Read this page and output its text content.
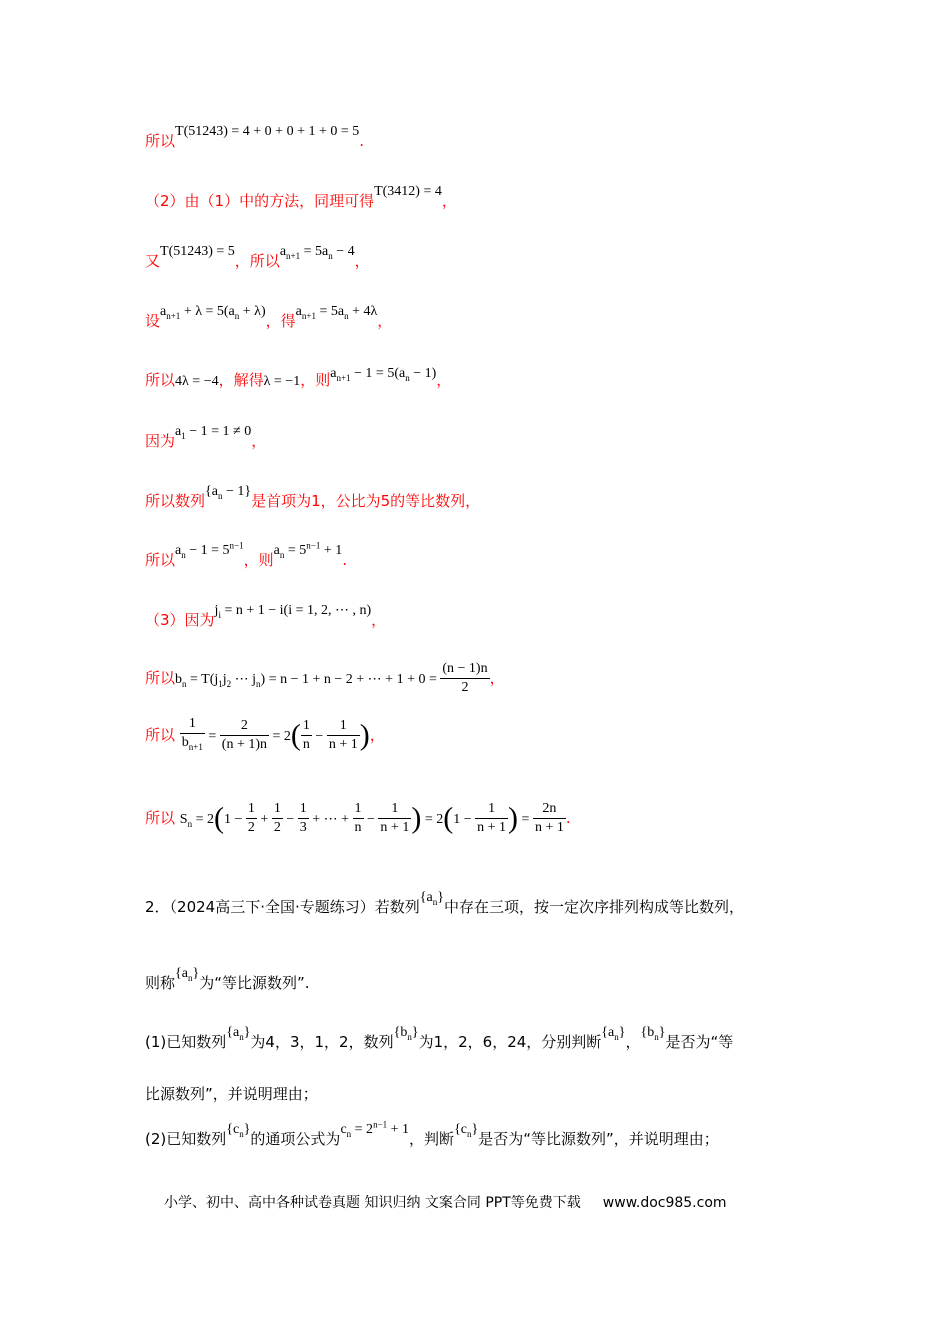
所以T(51243) = 4 + 0 + 0 + 1 + 0 = 5.
（2）由（1）中的方法，同理可得T(3412) = 4，
又T(51243) = 5，所以$a_{n+1} = 5a_n - 4$，
设$a_{n+1} + \lambda = 5(a_n + \lambda)$，得$a_{n+1} = 5a_n + 4\lambda$，
所以4λ = −4，解得λ = −1，则$a_{n+1} - 1 = 5(a_n - 1)$，
因为$a_1 - 1 = 1 \ne 0$，
所以数列$\{a_n - 1\}$是首项为1，公比为5的等比数列，
所以$a_n - 1 = 5^{n-1}$，则$a_n = 5^{n-1} + 1$.
（3）因为$j_i = n + 1 - i(i = 1$, 2, ⋯ , n)，
所以$b_n = T(j_1j_2$ ⋯ $j_n) = n - 1 + n - 2$ + ⋯ + $1 + 0 = \frac{(n - 1)n}{2}$ ，
所以 $\frac{1}{b_{n+1}} = \frac{2}{(n + 1)n} = 2( \frac{1}{n} - \frac{1}{n + 1}$ )，
所以 $S_n = 2(1 - \frac{1}{2} + \frac{1}{2} - \frac{1}{3}$ + ⋯ + $\frac{1}{n} - \frac{1}{n + 1}$ ) = $2(1 - \frac{1}{n + 1}$ ) = $\frac{2n}{n + 1}$ .
2．（2024高三下·全国·专题练习）若数列$\{a_n\}$中存在三项，按一定次序排列构成等比数列，
则称$\{a_n\}$为“等比源数列”.
(1)已知数列$\{a_n\}$为4，3，1，2，数列$\{b_n\}$为1，2，6，24，分别判断$\{a_n\}$，$\{b_n\}$是否为“等
比源数列”，并说明理由；
(2)已知数列$\{c_n\}$的通项公式为$c_n = 2^{n-1} + 1$，判断$\{c_n\}$是否为“等比源数列”，并说明理由；
小学、初中、高中各种试卷真题 知识归纳 文案合同 PPT等免费下载 www.doc985.com
